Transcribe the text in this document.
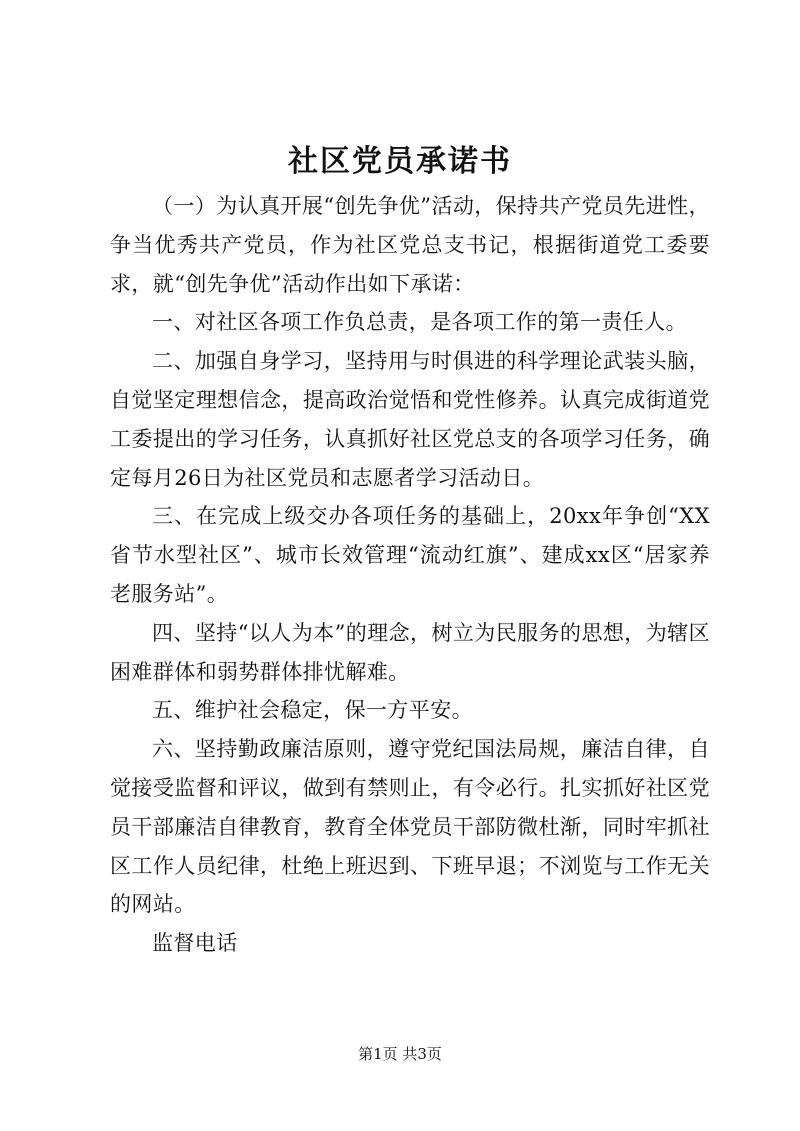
社区党员承诺书

（一）为认真开展“创先争优”活动，保持共产党员先进性，争当优秀共产党员，作为社区党总支书记，根据街道党工委要求，就“创先争优”活动作出如下承诺：

一、对社区各项工作负总责，是各项工作的第一责任人。

二、加强自身学习，坚持用与时俱进的科学理论武装头脑，自觉坚定理想信念，提高政治觉悟和党性修养。认真完成街道党工委提出的学习任务，认真抓好社区党总支的各项学习任务，确定每月26日为社区党员和志愿者学习活动日。

三、在完成上级交办各项任务的基础上，20xx年争创“XX省节水型社区”、城市长效管理“流动红旗”、建成xx区“居家养老服务站”。

四、坚持“以人为本”的理念，树立为民服务的思想，为辖区困难群体和弱势群体排忧解难。

五、维护社会稳定，保一方平安。

六、坚持勤政廉洁原则，遵守党纪国法局规，廉洁自律，自觉接受监督和评议，做到有禁则止，有令必行。扎实抓好社区党员干部廉洁自律教育，教育全体党员干部防微杜渐，同时牢抓社区工作人员纪律，杜绝上班迟到、下班早退；不浏览与工作无关的网站。

监督电话

第1页 共3页
